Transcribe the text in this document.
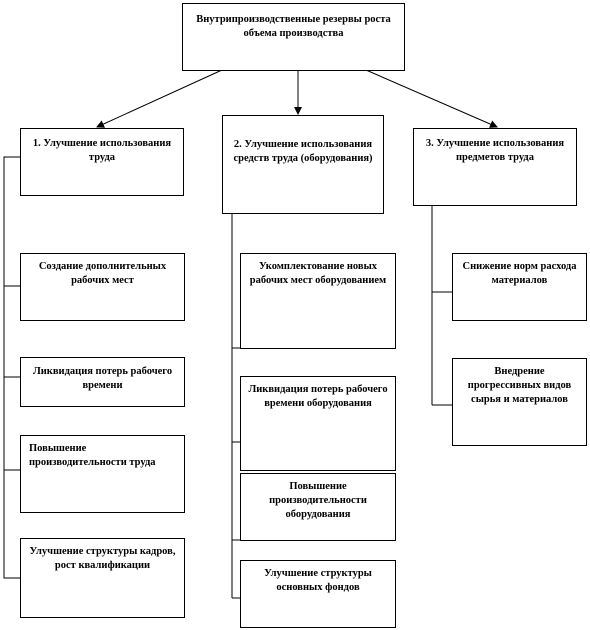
Внутрипроизводственные резервы роста объема производства
1. Улучшение использования труда
2. Улучшение использования средств труда (оборудования)
3. Улучшение использования предметов труда
Создание дополнительных рабочих мест
Ликвидация потерь рабочего времени
Повышение производительности труда
Улучшение структуры кадров, рост квалификации
Укомплектование новых рабочих мест оборудованием
Ликвидация потерь рабочего времени оборудования
Повышение производительности оборудования
Улучшение структуры основных фондов
Снижение норм расхода материалов
Внедрение прогрессивных видов сырья и материалов
